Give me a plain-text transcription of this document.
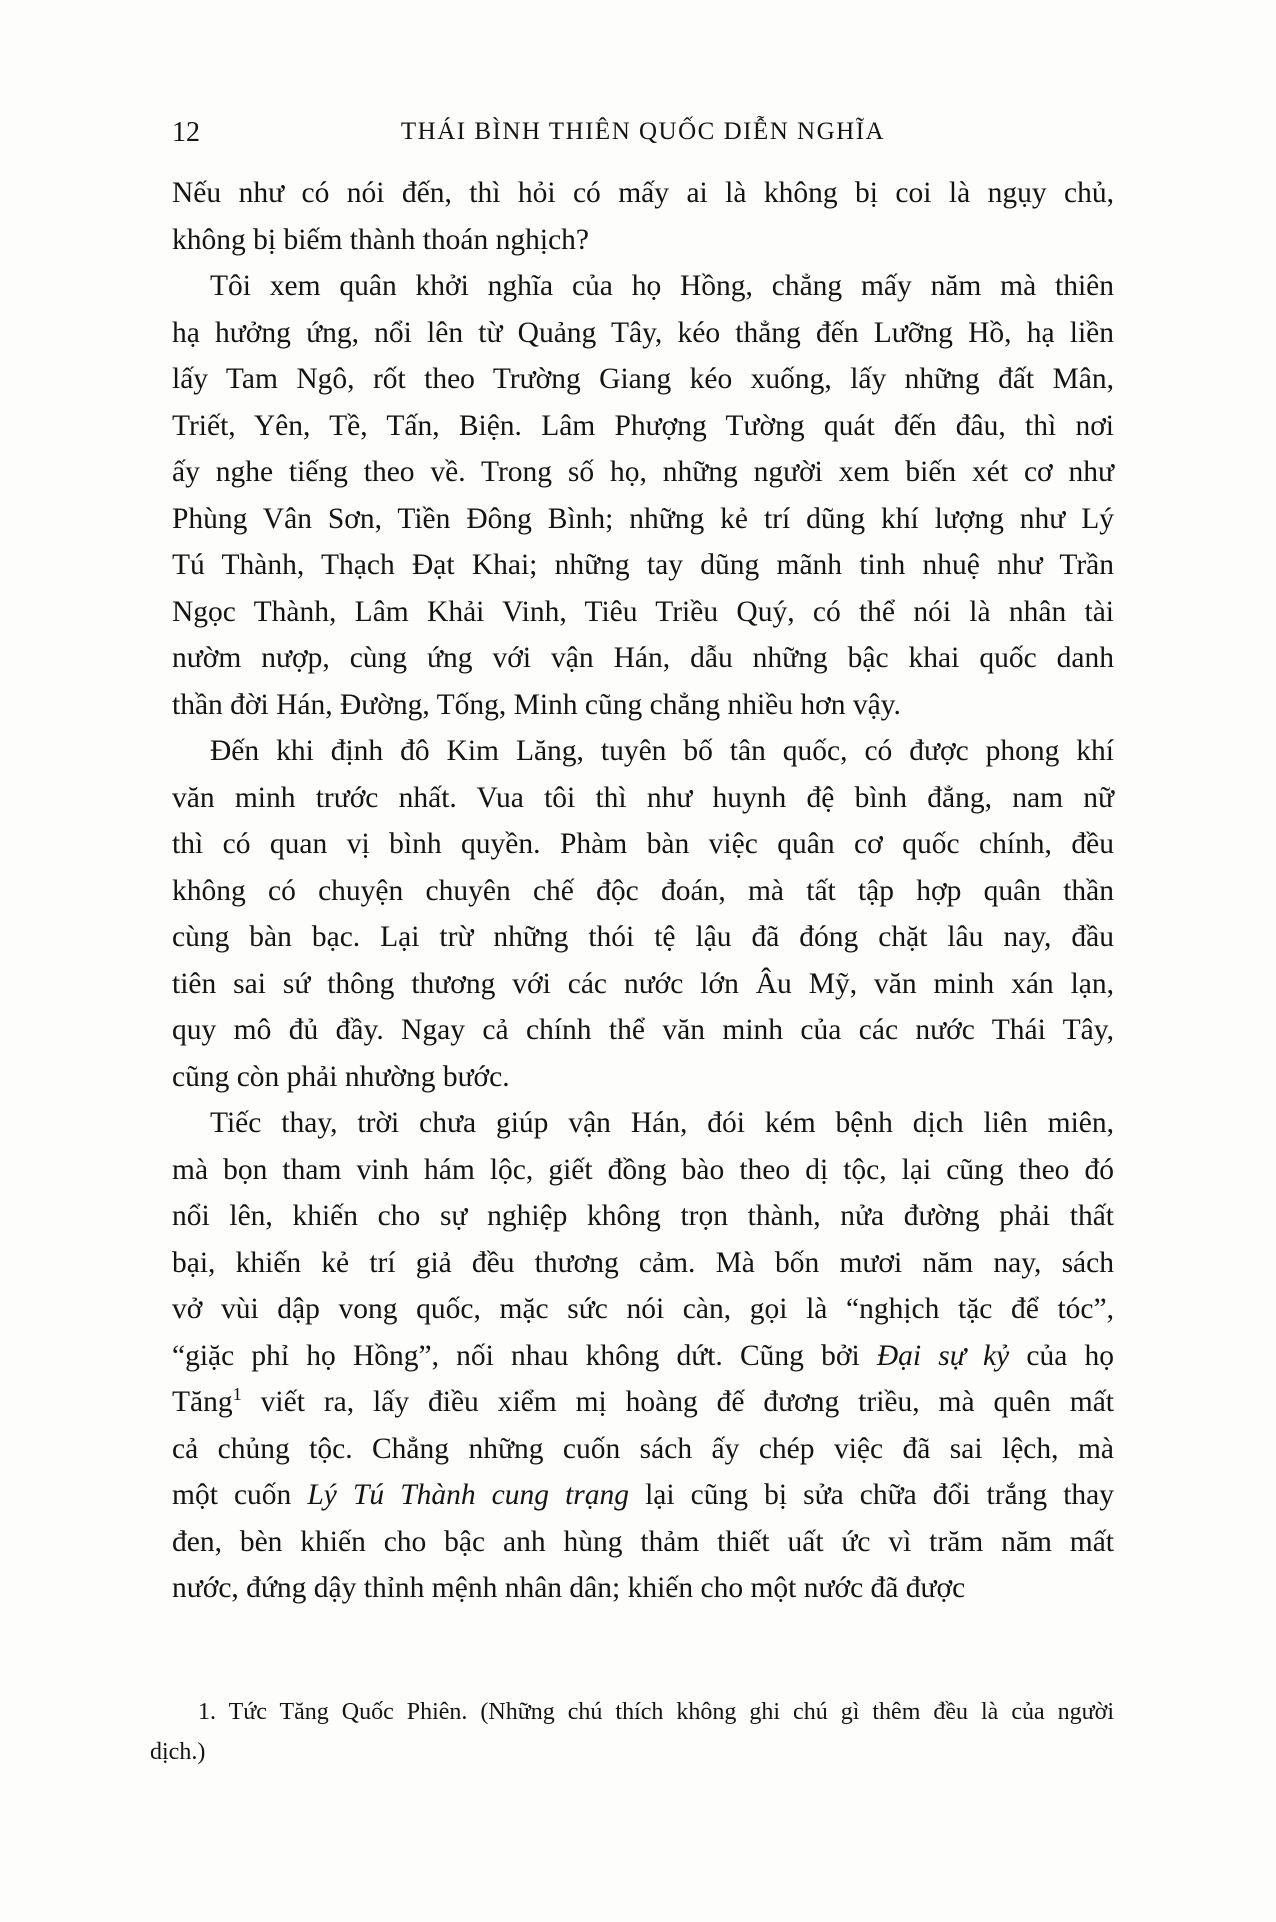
12	THÁI BÌNH THIÊN QUỐC DIỄN NGHĨA
Nếu như có nói đến, thì hỏi có mấy ai là không bị coi là ngụy chủ,
không bị biếm thành thoán nghịch?
Tôi xem quân khởi nghĩa của họ Hồng, chẳng mấy năm mà thiên
hạ hưởng ứng, nổi lên từ Quảng Tây, kéo thẳng đến Lưỡng Hồ, hạ liền
lấy Tam Ngô, rốt theo Trường Giang kéo xuống, lấy những đất Mân,
Triết, Yên, Tề, Tấn, Biện. Lâm Phượng Tường quát đến đâu, thì nơi
ấy nghe tiếng theo về. Trong số họ, những người xem biến xét cơ như
Phùng Vân Sơn, Tiền Đông Bình; những kẻ trí dũng khí lượng như Lý
Tú Thành, Thạch Đạt Khai; những tay dũng mãnh tinh nhuệ như Trần
Ngọc Thành, Lâm Khải Vinh, Tiêu Triều Quý, có thể nói là nhân tài
nườm nượp, cùng ứng với vận Hán, dẫu những bậc khai quốc danh
thần đời Hán, Đường, Tống, Minh cũng chẳng nhiều hơn vậy.
Đến khi định đô Kim Lăng, tuyên bố tân quốc, có được phong khí
văn minh trước nhất. Vua tôi thì như huynh đệ bình đẳng, nam nữ
thì có quan vị bình quyền. Phàm bàn việc quân cơ quốc chính, đều
không có chuyện chuyên chế độc đoán, mà tất tập hợp quân thần
cùng bàn bạc. Lại trừ những thói tệ lậu đã đóng chặt lâu nay, đầu
tiên sai sứ thông thương với các nước lớn Âu Mỹ, văn minh xán lạn,
quy mô đủ đầy. Ngay cả chính thể văn minh của các nước Thái Tây,
cũng còn phải nhường bước.
Tiếc thay, trời chưa giúp vận Hán, đói kém bệnh dịch liên miên,
mà bọn tham vinh hám lộc, giết đồng bào theo dị tộc, lại cũng theo đó
nổi lên, khiến cho sự nghiệp không trọn thành, nửa đường phải thất
bại, khiến kẻ trí giả đều thương cảm. Mà bốn mươi năm nay, sách
vở vùi dập vong quốc, mặc sức nói càn, gọi là “nghịch tặc để tóc”,
“giặc phỉ họ Hồng”, nối nhau không dứt. Cũng bởi Đại sự kỷ của họ
Tăng$^1$ viết ra, lấy điều xiểm mị hoàng đế đương triều, mà quên mất
cả chủng tộc. Chẳng những cuốn sách ấy chép việc đã sai lệch, mà
một cuốn Lý Tú Thành cung trạng lại cũng bị sửa chữa đổi trắng thay
đen, bèn khiến cho bậc anh hùng thảm thiết uất ức vì trăm năm mất
nước, đứng dậy thỉnh mệnh nhân dân; khiến cho một nước đã được
1. Tức Tăng Quốc Phiên. (Những chú thích không ghi chú gì thêm đều là của người
dịch.)
